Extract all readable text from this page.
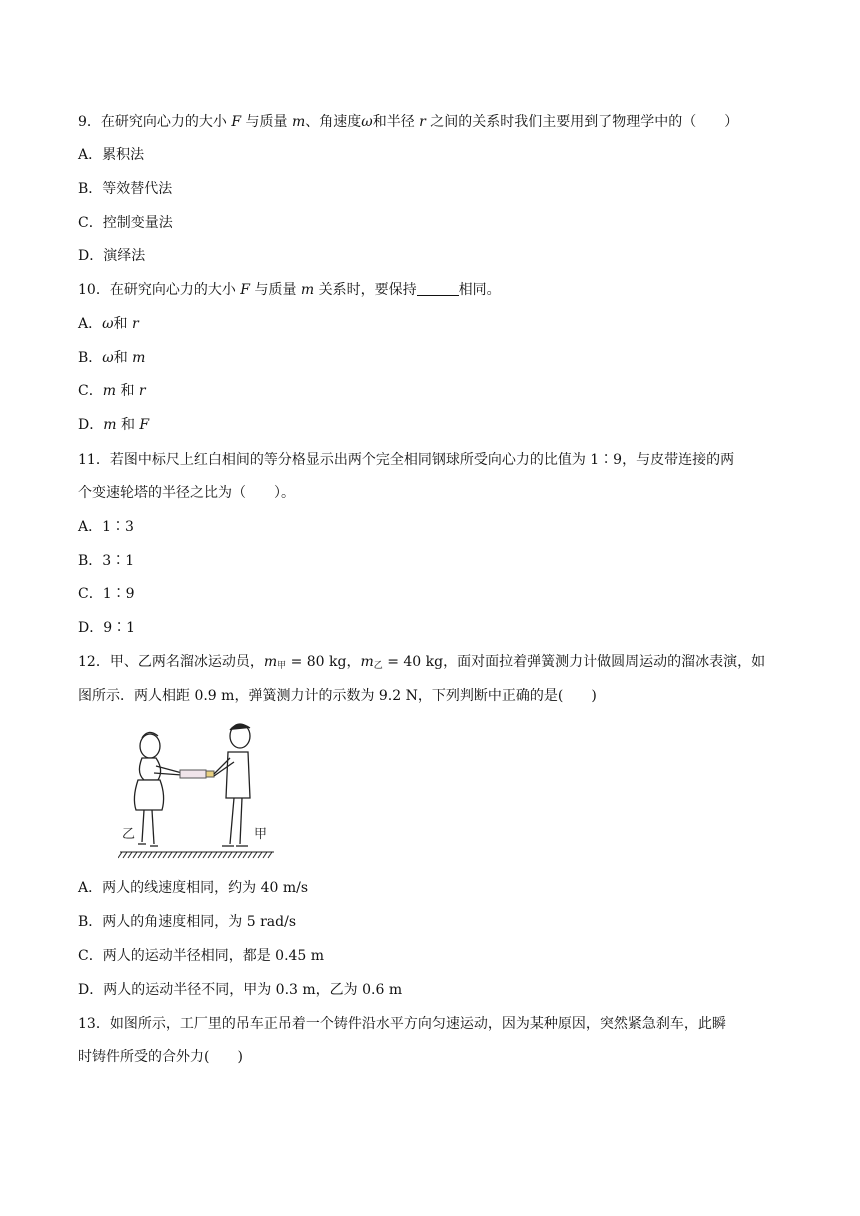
9．在研究向心力的大小 F 与质量 m、角速度ω和半径 r 之间的关系时我们主要用到了物理学中的（　　）
A．累积法
B．等效替代法
C．控制变量法
D．演绎法
10．在研究向心力的大小 F 与质量 m 关系时，要保持	相同。
A．ω和 r
B．ω和 m
C．m 和 r
D．m 和 F
11．若图中标尺上红白相间的等分格显示出两个完全相同钢球所受向心力的比值为 1∶9，与皮带连接的两
个变速轮塔的半径之比为（　　）。
A．1∶3
B．3∶1
C．1∶9
D．9∶1
12．甲、乙两名溜冰运动员，$m_甲 = 80$ kg，$m_乙 = 40$ kg，面对面拉着弹簧测力计做圆周运动的溜冰表演，如
图所示．两人相距 0.9 m，弹簧测力计的示数为 9.2 N，下列判断中正确的是(　　)
乙	甲
A．两人的线速度相同，约为 40 m/s
B．两人的角速度相同，为 5 rad/s
C．两人的运动半径相同，都是 0.45 m
D．两人的运动半径不同，甲为 0.3 m，乙为 0.6 m
13．如图所示，工厂里的吊车正吊着一个铸件沿水平方向匀速运动，因为某种原因，突然紧急刹车，此瞬
时铸件所受的合外力(　　)
